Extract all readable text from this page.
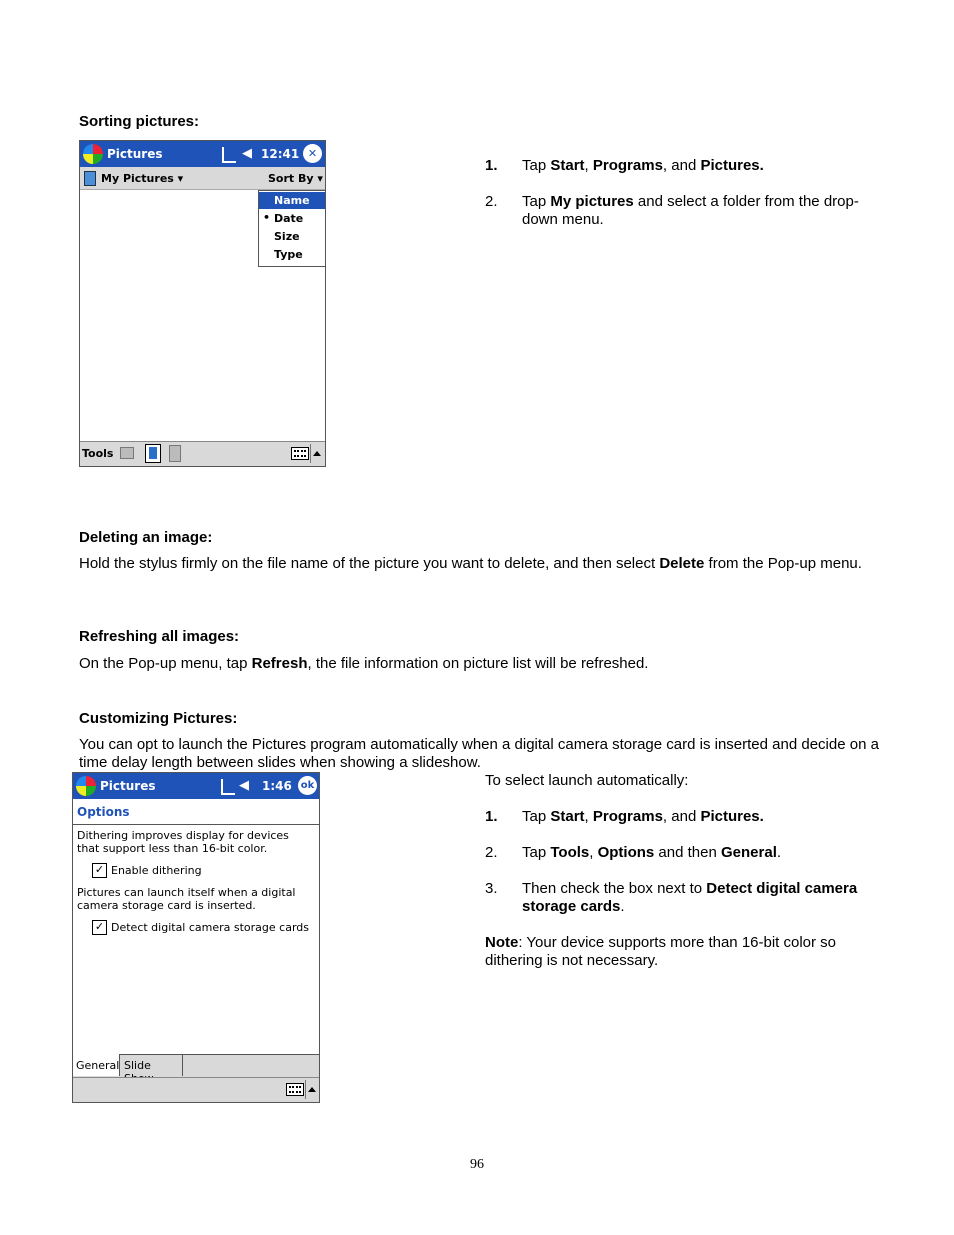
Sorting pictures:
Pictures	◀ 12:41 ✕
My Pictures ▾	Sort By ▾
Name
• Date
Size
Type
Tools
1. Tap Start, Programs, and Pictures.
2. Tap My pictures and select a folder from the drop-down menu.
Deleting an image:
Hold the stylus firmly on the file name of the picture you want to delete, and then select Delete from the Pop-up menu.
Refreshing all images:
On the Pop-up menu, tap Refresh, the file information on picture list will be refreshed.
Customizing Pictures:
You can opt to launch the Pictures program automatically when a digital camera storage card is inserted and decide on a time delay length between slides when showing a slideshow.
Pictures	◀ 1:46 ok
Options
Dithering improves display for devices that support less than 16-bit color.
✓ Enable dithering
Pictures can launch itself when a digital camera storage card is inserted.
✓ Detect digital camera storage cards
General Slide
To select launch automatically:
1. Tap Start, Programs, and Pictures.
2. Tap Tools, Options and then General.
3. Then check the box next to Detect digital camera storage cards.
Note: Your device supports more than 16-bit color so dithering is not necessary.
96
